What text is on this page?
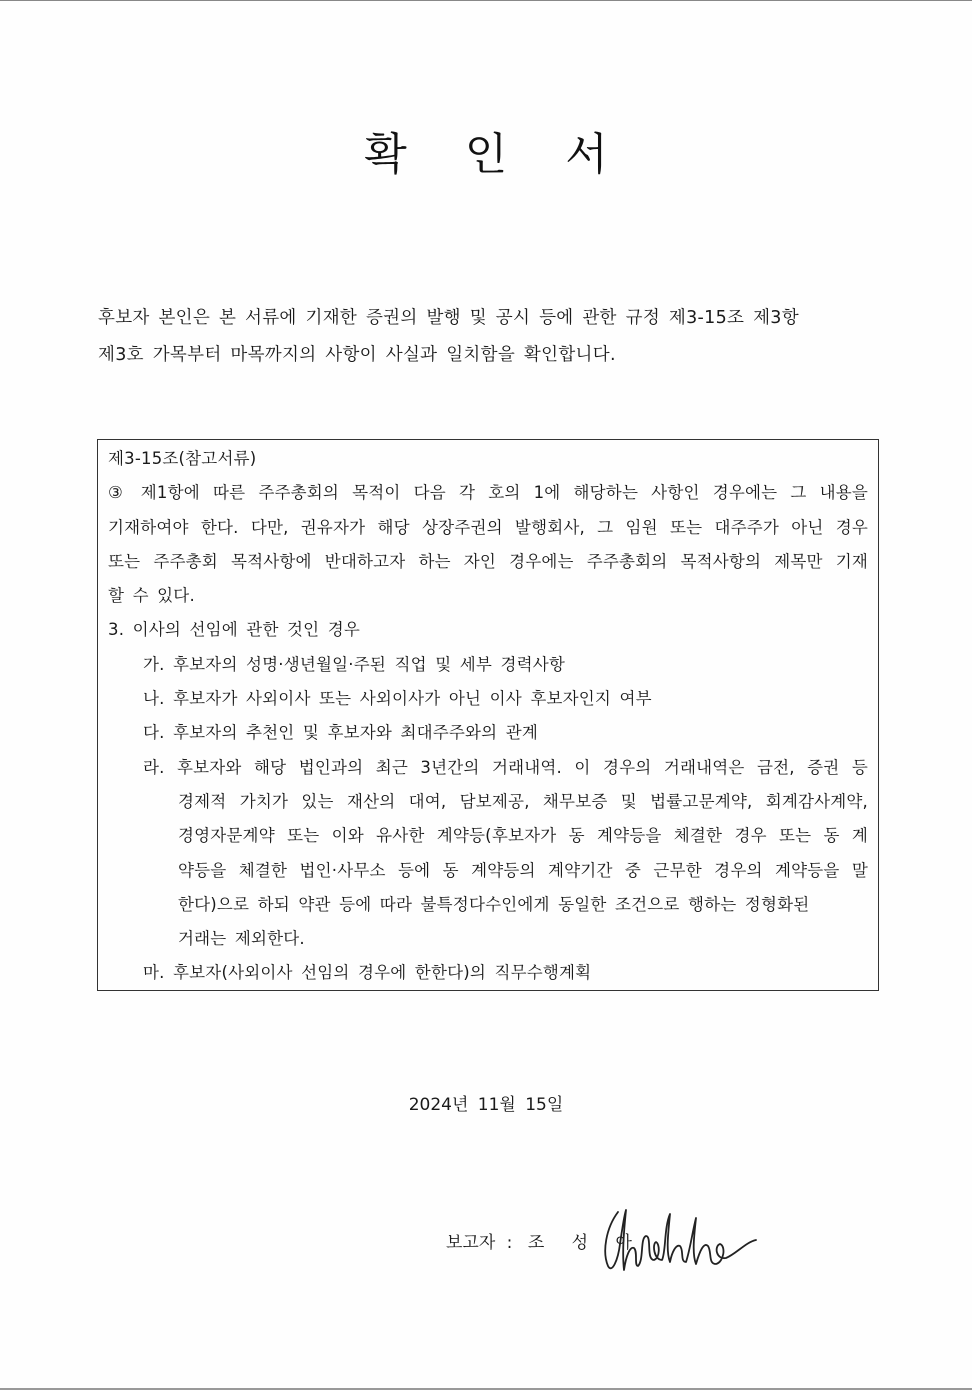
확 인 서
후보자 본인은 본 서류에 기재한 증권의 발행 및 공시 등에 관한 규정 제3-15조 제3항
제3호 가목부터 마목까지의 사항이 사실과 일치함을 확인합니다.
제3-15조(참고서류)
③ 제1항에 따른 주주총회의 목적이 다음 각 호의 1에 해당하는 사항인 경우에는 그 내용을
기재하여야 한다. 다만, 권유자가 해당 상장주권의 발행회사, 그 임원 또는 대주주가 아닌 경우
또는 주주총회 목적사항에 반대하고자 하는 자인 경우에는 주주총회의 목적사항의 제목만 기재
할 수 있다.
3. 이사의 선임에 관한 것인 경우
가. 후보자의 성명·생년월일·주된 직업 및 세부 경력사항
나. 후보자가 사외이사 또는 사외이사가 아닌 이사 후보자인지 여부
다. 후보자의 추천인 및 후보자와 최대주주와의 관계
라. 후보자와 해당 법인과의 최근 3년간의 거래내역. 이 경우의 거래내역은 금전, 증권 등
경제적 가치가 있는 재산의 대여, 담보제공, 채무보증 및 법률고문계약, 회계감사계약,
경영자문계약 또는 이와 유사한 계약등(후보자가 동 계약등을 체결한 경우 또는 동 계
약등을 체결한 법인·사무소 등에 동 계약등의 계약기간 중 근무한 경우의 계약등을 말
한다)으로 하되 약관 등에 따라 불특정다수인에게 동일한 조건으로 행하는 정형화된
거래는 제외한다.
마. 후보자(사외이사 선임의 경우에 한한다)의 직무수행계획
2024년 11월 15일
보고자 : 조 성 아
